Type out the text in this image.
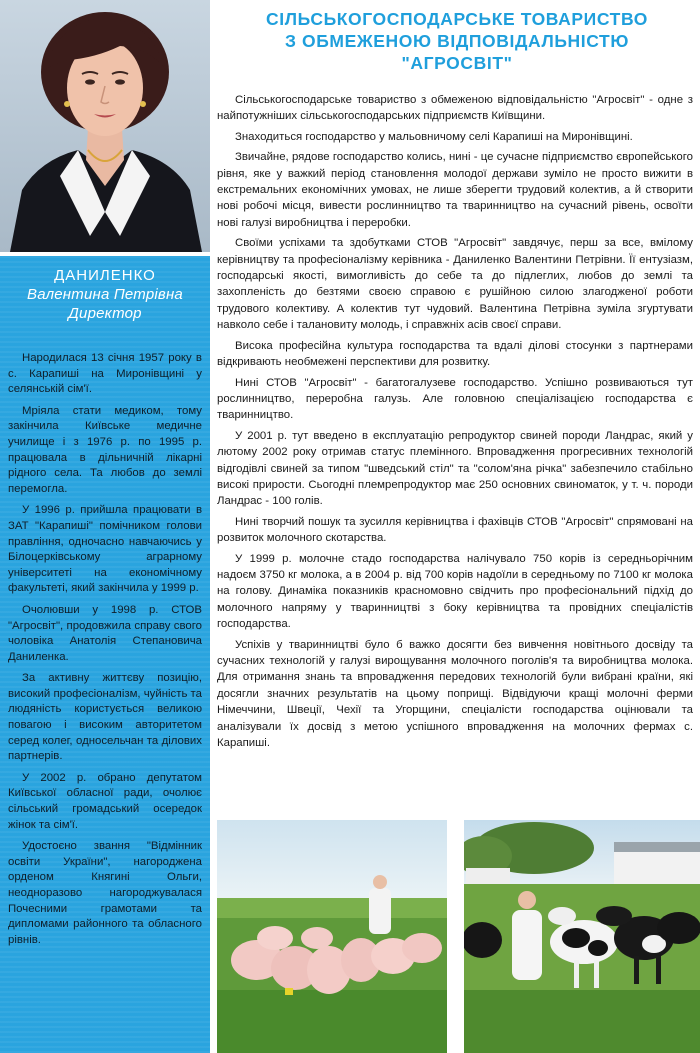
ДАНИЛЕНКО
Валентина Петрівна
Директор

Народилася 13 січня 1957 року в с. Карапиші на Миронівщині у селянській сім'ї.

Мріяла стати медиком, тому закінчила Київське медичне училище і з 1976 р. по 1995 р. працювала в дільничній лікарні рідного села. Та любов до землі перемогла.

У 1996 р. прийшла працювати в ЗАТ "Карапиші" помічником голови правління, одночасно навчаючись у Білоцерківському аграрному університеті на економічному факультеті, який закінчила у 1999 р.

Очолювши у 1998 р. СТОВ "Агросвіт", продовжила справу свого чоловіка Анатолія Степановича Даниленка.

За активну життєву позицію, високий професіоналізм, чуйність та людяність користується великою повагою і високим авторитетом серед колег, односельчан та ділових партнерів.

У 2002 р. обрано депутатом Київської обласної ради, очолює сільський громадський осередок жінок та сім'ї.

Удостоєно звання "Відмінник освіти України", нагороджена орденом Княгині Ольги, неодноразово нагороджувалася Почесними грамотами та дипломами районного та обласного рівнів.

СІЛЬСЬКОГОСПОДАРСЬКЕ ТОВАРИСТВО
З ОБМЕЖЕНОЮ ВІДПОВІДАЛЬНІСТЮ
"АГРОСВІТ"

Сільськогосподарське товариство з обмеженою відповідальністю "Агросвіт" - одне з найпотужніших сільськогосподарських підприємств Київщини.

Знаходиться господарство у мальовничому селі Карапиші на Миронівщині.

Звичайне, рядове господарство колись, нині - це сучасне підприємство європейського рівня, яке у важкий період становлення молодої держави зуміло не просто вижити в екстремальних економічних умовах, не лише зберегти трудовий колектив, а й створити нові робочі місця, вивести рослинництво та тваринництво на сучасний рівень, освоїти нові галузі виробництва і переробки.

Своїми успіхами та здобутками СТОВ "Агросвіт" завдячує, перш за все, вмілому керівництву та професіоналізму керівника - Даниленко Валентини Петрівни. Її ентузіазм, господарські якості, вимогливість до себе та до підлеглих, любов до землі та захопленість до безтями своєю справою є рушійною силою злагодженої роботи трудового колективу. А колектив тут чудовий. Валентина Петрівна зуміла згуртувати навколо себе і талановиту молодь, і справжніх асів своєї справи.

Висока професійна культура господарства та вдалі ділові стосунки з партнерами відкривають необмежені перспективи для розвитку.

Нині СТОВ "Агросвіт" - багатогалузеве господарство. Успішно розвиваються тут рослинництво, переробна галузь. Але головною спеціалізацією господарства є тваринництво.

У 2001 р. тут введено в експлуатацію репродуктор свиней породи Ландрас, який у лютому 2002 року отримав статус племінного. Впровадження прогресивних технологій відгодівлі свиней за типом "шведський стіл" та "солом'яна річка" забезпечило стабільно високі прирости. Сьогодні племрепродуктор має 250 основних свиноматок, у т. ч. породи Ландрас - 100 голів.

Нині творчий пошук та зусилля керівництва і фахівців СТОВ "Агросвіт" спрямовані на розвиток молочного скотарства.

У 1999 р. молочне стадо господарства налічувало 750 корів із середньорічним надоєм 3750 кг молока, а в 2004 р. від 700 корів надоїли в середньому по 7100 кг молока на голову. Динаміка показників красномовно свідчить про професіональний підхід до молочного напряму у тваринництві з боку керівництва та провідних спеціалістів господарства.

Успіхів у тваринництві було б важко досягти без вивчення новітнього досвіду та сучасних технологій у галузі вирощування молочного поголів'я та виробництва молока. Для отримання знань та впровадження передових технологій були вибрані країни, які досягли значних результатів на цьому поприщі. Відвідуючи кращі молочні ферми Німеччини, Швеції, Чехії та Угорщини, спеціалісти господарства оцінювали та аналізували їх досвід з метою успішного впровадження на молочних фермах с. Карапиші.
